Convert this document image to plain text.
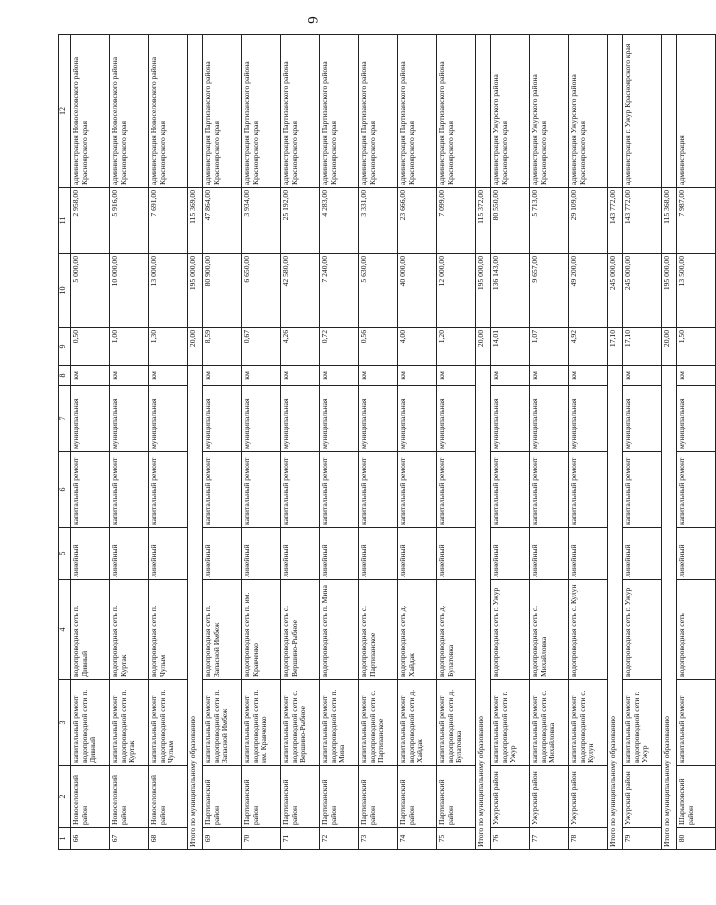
6
1	2	3	4	5	6	7	8	9	10	11	12
66	Новоселовский район	капитальный ремонт водопроводной сети п. Дивный	водопроводная сеть п. Дивный	линейный	капитальный ремонт	муниципальная	км	0,50	5 000,00	2 958,00	администрация Новоселовского района Красноярского края
67	Новоселовский район	капитальный ремонт водопроводной сети п. Куртак	водопроводная сеть п. Куртак	линейный	капитальный ремонт	муниципальная	км	1,00	10 000,00	5 916,00	администрация Новоселовского района Красноярского края
68	Новоселовский район	капитальный ремонт водопроводной сети п. Чулым	водопроводная сеть п. Чулым	линейный	капитальный ремонт	муниципальная	км	1,30	13 000,00	7 691,00	администрация Новоселовского района Красноярского края
Итого по муниципальному образованию								20,00	195 000,00	115 369,00	
69	Партизанский район	капитальный ремонт водопроводной сети п. Запасной Имбеж	водопроводная сеть п. Запасной Имбеж	линейный	капитальный ремонт	муниципальная	км	8,59	80 900,00	47 864,00	администрация Партизанского района Красноярского края
70	Партизанский район	капитальный ремонт водопроводной сети п. им. Кравченко	водопроводная сеть п. им. Кравченко	линейный	капитальный ремонт	муниципальная	км	0,67	6 650,00	3 934,00	администрация Партизанского района Красноярского края
71	Партизанский район	капитальный ремонт водопроводной сети с. Вершино-Рыбное	водопроводная сеть с. Вершино-Рыбное	линейный	капитальный ремонт	муниципальная	км	4,26	42 580,00	25 192,00	администрация Партизанского района Красноярского края
72	Партизанский район	капитальный ремонт водопроводной сети п. Мина	водопроводная сеть п. Мина	линейный	капитальный ремонт	муниципальная	км	0,72	7 240,00	4 283,00	администрация Партизанского района Красноярского края
73	Партизанский район	капитальный ремонт водопроводной сети с. Партизанское	водопроводная сеть с. Партизанское	линейный	капитальный ремонт	муниципальная	км	0,56	5 630,00	3 331,00	администрация Партизанского района Красноярского края
74	Партизанский район	капитальный ремонт водопроводной сети д. Хайдак	водопроводная сеть д. Хайдак	линейный	капитальный ремонт	муниципальная	км	4,00	40 000,00	23 666,00	администрация Партизанского района Красноярского края
75	Партизанский район	капитальный ремонт водопроводной сети д. Булатовка	водопроводная сеть д. Булатовка	линейный	капитальный ремонт	муниципальная	км	1,20	12 000,00	7 099,00	администрация Партизанского района Красноярского края
Итого по муниципальному образованию								20,00	195 000,00	115 372,00	
76	Ужурский район	капитальный ремонт водопроводной сети г. Ужур	водопроводная сеть г. Ужур	линейный	капитальный ремонт	муниципальная	км	14,01	136 143,00	80 550,00	администрация Ужурского района Красноярского края
77	Ужурский район	капитальный ремонт водопроводной сети с. Михайловка	водопроводная сеть с. Михайловка	линейный	капитальный ремонт	муниципальная	км	1,07	9 657,00	5 713,00	администрация Ужурского района Красноярского края
78	Ужурский район	капитальный ремонт водопроводной сети с. Кулун	водопроводная сеть с. Кулун	линейный	капитальный ремонт	муниципальная	км	4,92	49 200,00	29 109,00	администрация Ужурского района Красноярского края
Итого по муниципальному образованию								17,10	245 000,00	143 772,00	
79	Ужурский район	капитальный ремонт водопроводной сети г. Ужур	водопроводная сеть г. Ужур	линейный	капитальный ремонт	муниципальная	км	17,10	245 000,00	143 772,00	администрация г. Ужур Красноярского края
Итого по муниципальному образованию								20,00	195 000,00	115 368,00	
80	Шарыповский район	капитальный ремонт	водопроводная сеть	линейный	капитальный ремонт	муниципальная	км	1,50	13 500,00	7 987,00	администрация
